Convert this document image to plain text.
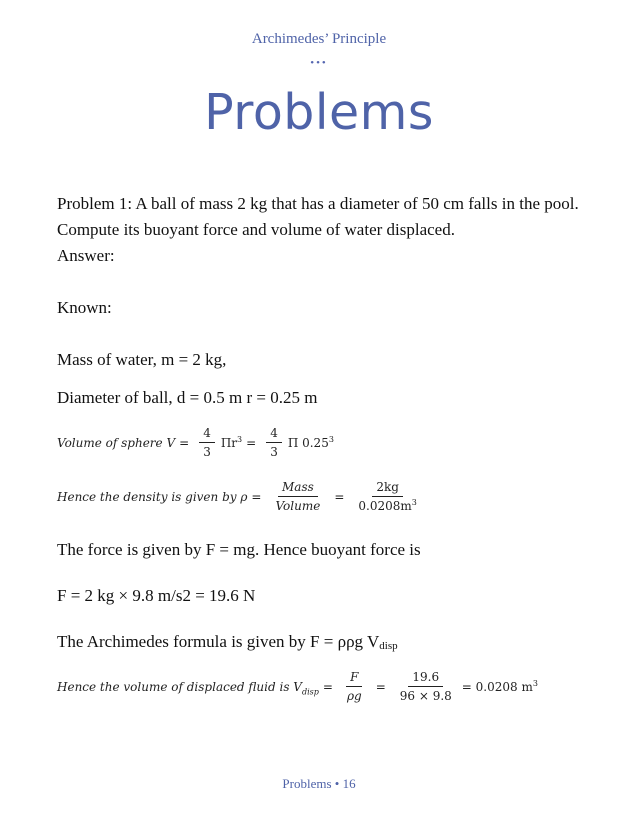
Archimedes’ Principle
•••
Problems

Problem 1: A ball of mass 2 kg that has a diameter of 50 cm falls in the pool. Compute its buoyant force and volume of water displaced.

Answer:

Known:

Mass of water, m = 2 kg,

Diameter of ball, d = 0.5 m r = 0.25 m

Volume of sphere $V = \frac{4}{3} \Pi r^3 = \frac{4}{3}$ Π 0.25$^3$
Hence the density is given by $\rho = \frac{\text{Mass}}{\text{Volume}} = \frac{2kg}{0.0208m^3}$

The force is given by F = mg. Hence buoyant force is

F = 2 kg × 9.8 m/s2 = 19.6 N

The Archimedes formula is given by F = ρρg Vdisp

Hence the volume of displaced fluid is $V_{disp} = \frac{F}{\rho g} = \frac{19.6}{96 \times 9.8} = 0.0208$ $m^3$
Problems • 16
